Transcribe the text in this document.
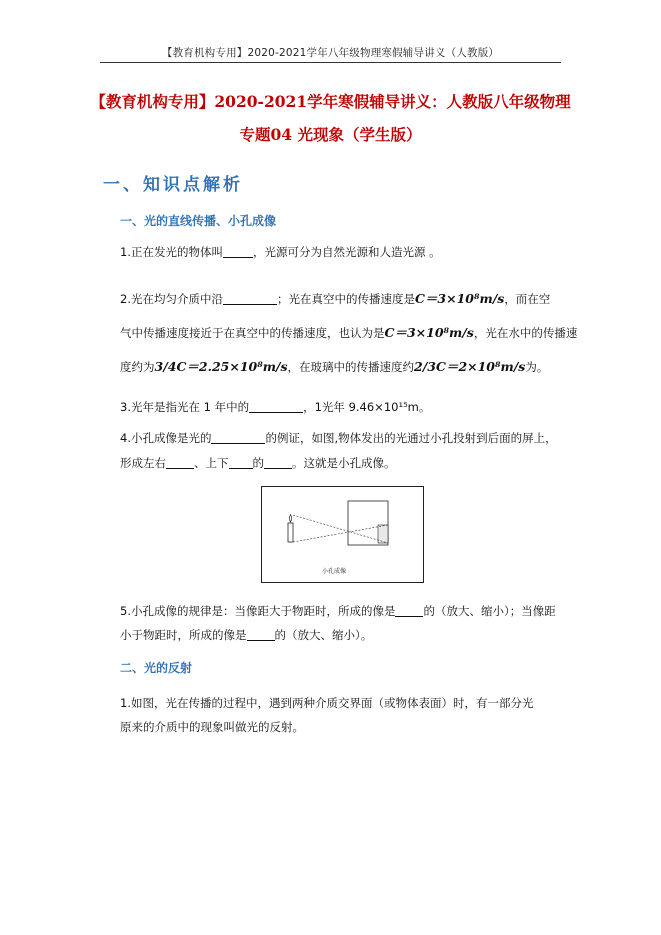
【教育机构专用】2020-2021学年八年级物理寒假辅导讲义（人教版）
【教育机构专用】2020-2021学年寒假辅导讲义：人教版八年级物理
专题04 光现象（学生版）
一、知识点解析
一、光的直线传播、小孔成像
1.正在发光的物体叫	，光源可分为自然光源和人造光源 。
2.光在均匀介质中沿	；光在真空中的传播速度是C＝3×10⁸m/s，而在空
气中传播速度接近于在真空中的传播速度，也认为是C＝3×10⁸m/s，光在水中的传播速
度约为3/4C＝2.25×10⁸m/s，在玻璃中的传播速度约2/3C＝2×10⁸m/s为。
3.光年是指光在 1 年中的	，1光年 9.46×10¹⁵m。
4.小孔成像是光的	的例证，如图,物体发出的光通过小孔投射到后面的屏上，
形成左右 、上下 的 。这就是小孔成像。
小孔成像
5.小孔成像的规律是：当像距大于物距时，所成的像是 的（放大、缩小）；当像距
小于物距时，所成的像是 的（放大、缩小）。
二、光的反射
1.如图，光在传播的过程中，遇到两种介质交界面（或物体表面）时，有一部分光
原来的介质中的现象叫做光的反射。
